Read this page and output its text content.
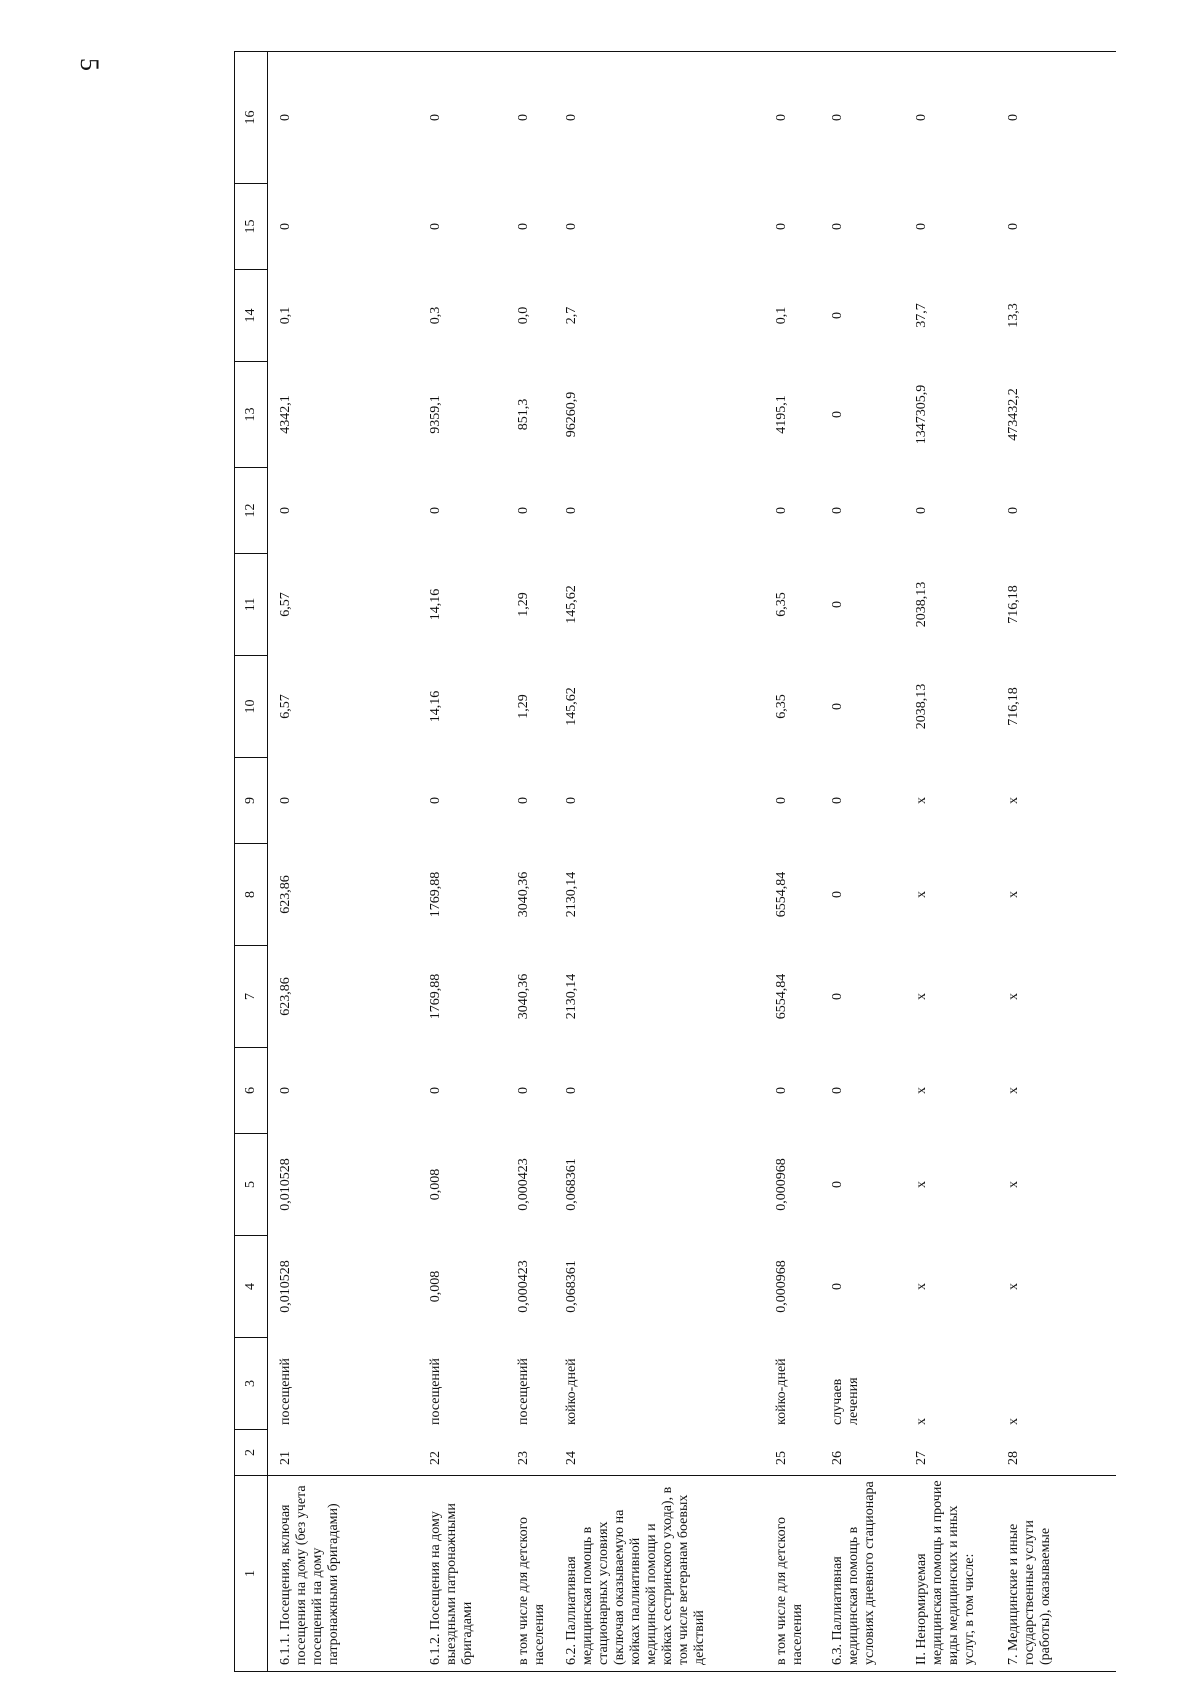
5
1	2	3	4	5	6	7	8	9	10	11	12	13	14	15	16
6.1.1. Посещения, включая посещения на дому (без учета посещений на дому патронажными бригадами)	21	посещений	0,010528	0,010528	0	623,86	623,86	0	6,57	6,57	0	4342,1	0,1	0	0
6.1.2. Посещения на дому выездными патронажными бригадами	22	посещений	0,008	0,008	0	1769,88	1769,88	0	14,16	14,16	0	9359,1	0,3	0	0
в том числе для детского населения	23	посещений	0,000423	0,000423	0	3040,36	3040,36	0	1,29	1,29	0	851,3	0,0	0	0
6.2. Паллиативная медицинская помощь в стационарных условиях (включая оказываемую на койках паллиативной медицинской помощи и койках сестринского ухода), в том числе ветеранам боевых действий	24	койко-дней	0,068361	0,068361	0	2130,14	2130,14	0	145,62	145,62	0	96260,9	2,7	0	0
в том числе для детского населения	25	койко-дней	0,000968	0,000968	0	6554,84	6554,84	0	6,35	6,35	0	4195,1	0,1	0	0
6.3. Паллиативная медицинская помощь в условиях дневного стационара	26	случаев лечения	0	0	0	0	0	0	0	0	0	0	0	0	0
II. Ненормируемая медицинская помощь и прочие виды медицинских и иных услуг, в том числе:	27	x	x	x	x	x	x	x	2038,13	2038,13	0	1347305,9	37,7	0	0
7. Медицинские и иные государственные услуги (работы), оказываемые	28	x	x	x	x	x	x	x	716,18	716,18	0	473432,2	13,3	0	0
